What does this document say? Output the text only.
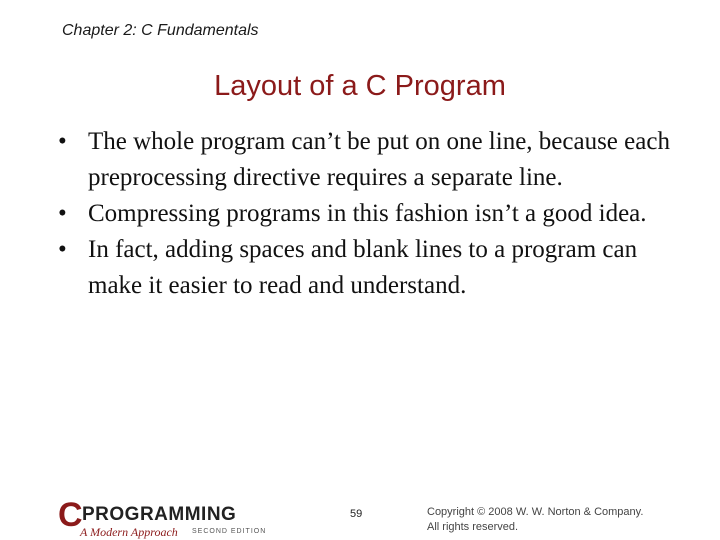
Chapter 2: C Fundamentals
Layout of a C Program
• The whole program can’t be put on one line, because each preprocessing directive requires a separate line.
• Compressing programs in this fashion isn’t a good idea.
• In fact, adding spaces and blank lines to a program can make it easier to read and understand.
C PROGRAMMING
A Modern Approach SECOND EDITION
59	Copyright © 2008 W. W. Norton & Company.
All rights reserved.
